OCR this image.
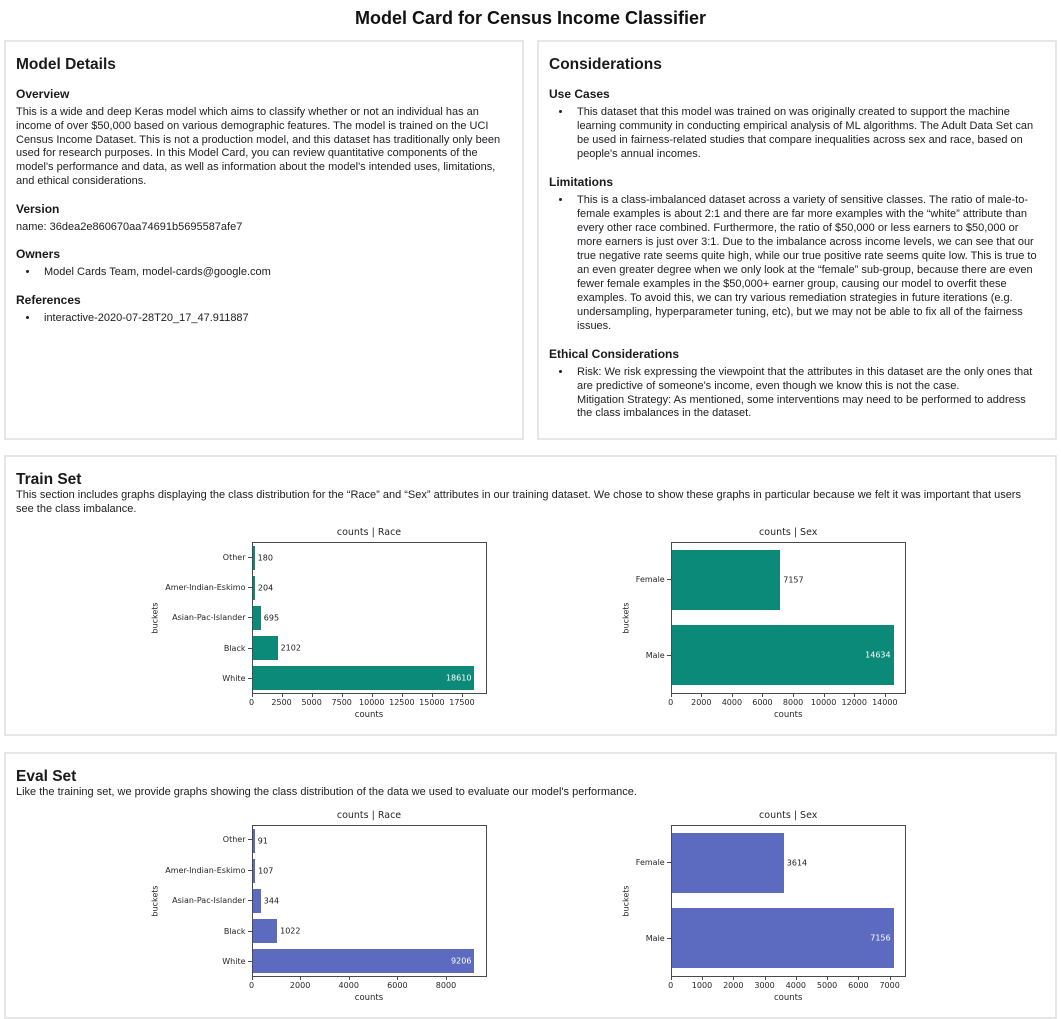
Model Card for Census Income Classifier
Model Details
Overview

This is a wide and deep Keras model which aims to classify whether or not an individual has an income of over $50,000 based on various demographic features. The model is trained on the UCI Census Income Dataset. This is not a production model, and this dataset has traditionally only been used for research purposes. In this Model Card, you can review quantitative components of the model's performance and data, as well as information about the model's intended uses, limitations, and ethical considerations.

Version

name: 36dea2e860670aa74691b5695587afe7

Owners
• Model Cards Team, model-cards@google.com
References
• interactive-2020-07-28T20_17_47.911887
Considerations
Use Cases
• This dataset that this model was trained on was originally created to support the machine learning community in conducting empirical analysis of ML algorithms. The Adult Data Set can be used in fairness-related studies that compare inequalities across sex and race, based on people's annual incomes.
Limitations
• This is a class-imbalanced dataset across a variety of sensitive classes. The ratio of male-to-female examples is about 2:1 and there are far more examples with the “white” attribute than every other race combined. Furthermore, the ratio of $50,000 or less earners to $50,000 or more earners is just over 3:1. Due to the imbalance across income levels, we can see that our true negative rate seems quite high, while our true positive rate seems quite low. This is true to an even greater degree when we only look at the “female” sub-group, because there are even fewer female examples in the $50,000+ earner group, causing our model to overfit these examples. To avoid this, we can try various remediation strategies in future iterations (e.g. undersampling, hyperparameter tuning, etc), but we may not be able to fix all of the fairness issues.
Ethical Considerations
• Risk: We risk expressing the viewpoint that the attributes in this dataset are the only ones that are predictive of someone's income, even though we know this is not the case.
Mitigation Strategy: As mentioned, some interventions may need to be performed to address the class imbalances in the dataset.
Train Set

This section includes graphs displaying the class distribution for the “Race” and “Sex” attributes in our training dataset. We chose to show these graphs in particular because we felt it was important that users see the class imbalance.

counts | Race
buckets
Other
Amer-Indian-Eskimo
Asian-Pac-Islander
Black
White
180
204
695
2102
18610
0 2500 5000 7500 10000 12500 15000 17500
counts
counts | Sex
buckets
Female
Male
7157
14634
0 2000 4000 6000 8000 10000 12000 14000
counts
Eval Set

Like the training set, we provide graphs showing the class distribution of the data we used to evaluate our model's performance.

counts | Race
buckets
Other
Amer-Indian-Eskimo
Asian-Pac-Islander
Black
White
91
107
344
1022
9206
0	2000	4000	6000	8000
counts
counts | Sex
buckets
Female
Male
3614
7156
0 1000 2000 3000 4000 5000 6000 7000
counts
